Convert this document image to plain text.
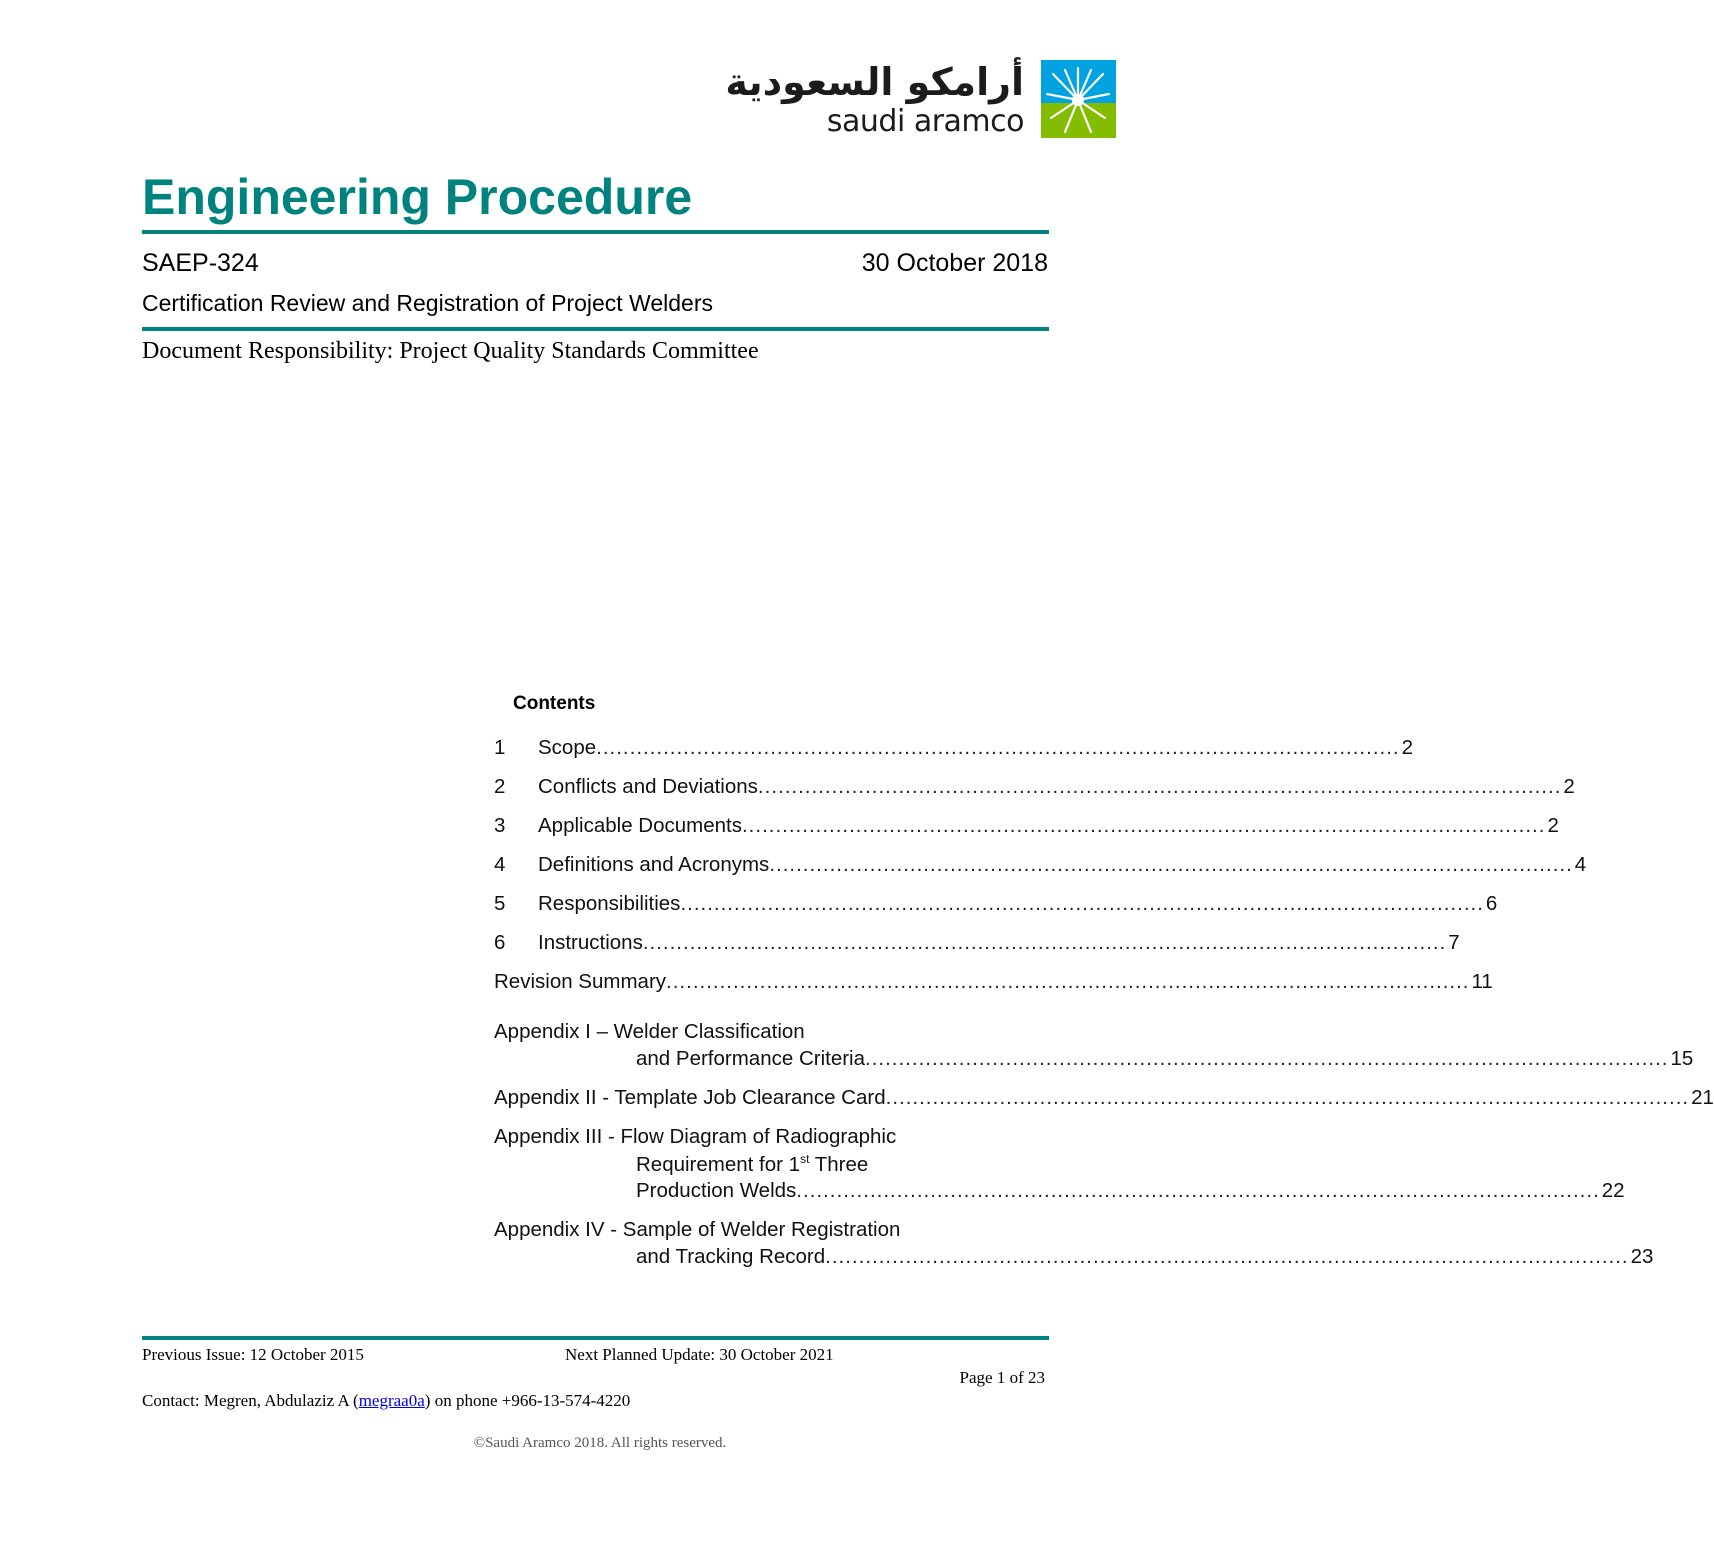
أرامكو السعودية
saudi aramco
Engineering Procedure
SAEP-324	30 October 2018
Certification Review and Registration of Project Welders
Document Responsibility: Project Quality Standards Committee
Contents
1	Scope ........................................................................................................................ 2
2	Conflicts and Deviations ........................................................................................................................ 2
3	Applicable Documents ........................................................................................................................ 2
4	Definitions and Acronyms ........................................................................................................................ 4
5	Responsibilities ........................................................................................................................ 6
6	Instructions ........................................................................................................................ 7
Revision Summary ........................................................................................................................ 11
Appendix I – Welder Classification
and Performance Criteria ........................................................................................................................ 15
Appendix II - Template Job Clearance Card ........................................................................................................................ 21
Appendix III - Flow Diagram of Radiographic
Requirement for 1st Three
Production Welds ........................................................................................................................ 22
Appendix IV - Sample of Welder Registration
and Tracking Record ........................................................................................................................ 23
Previous Issue: 12 October 2015	Next Planned Update: 30 October 2021
Page 1 of 23
Contact: Megren, Abdulaziz A (megraa0a) on phone +966-13-574-4220
©Saudi Aramco 2018. All rights reserved.
